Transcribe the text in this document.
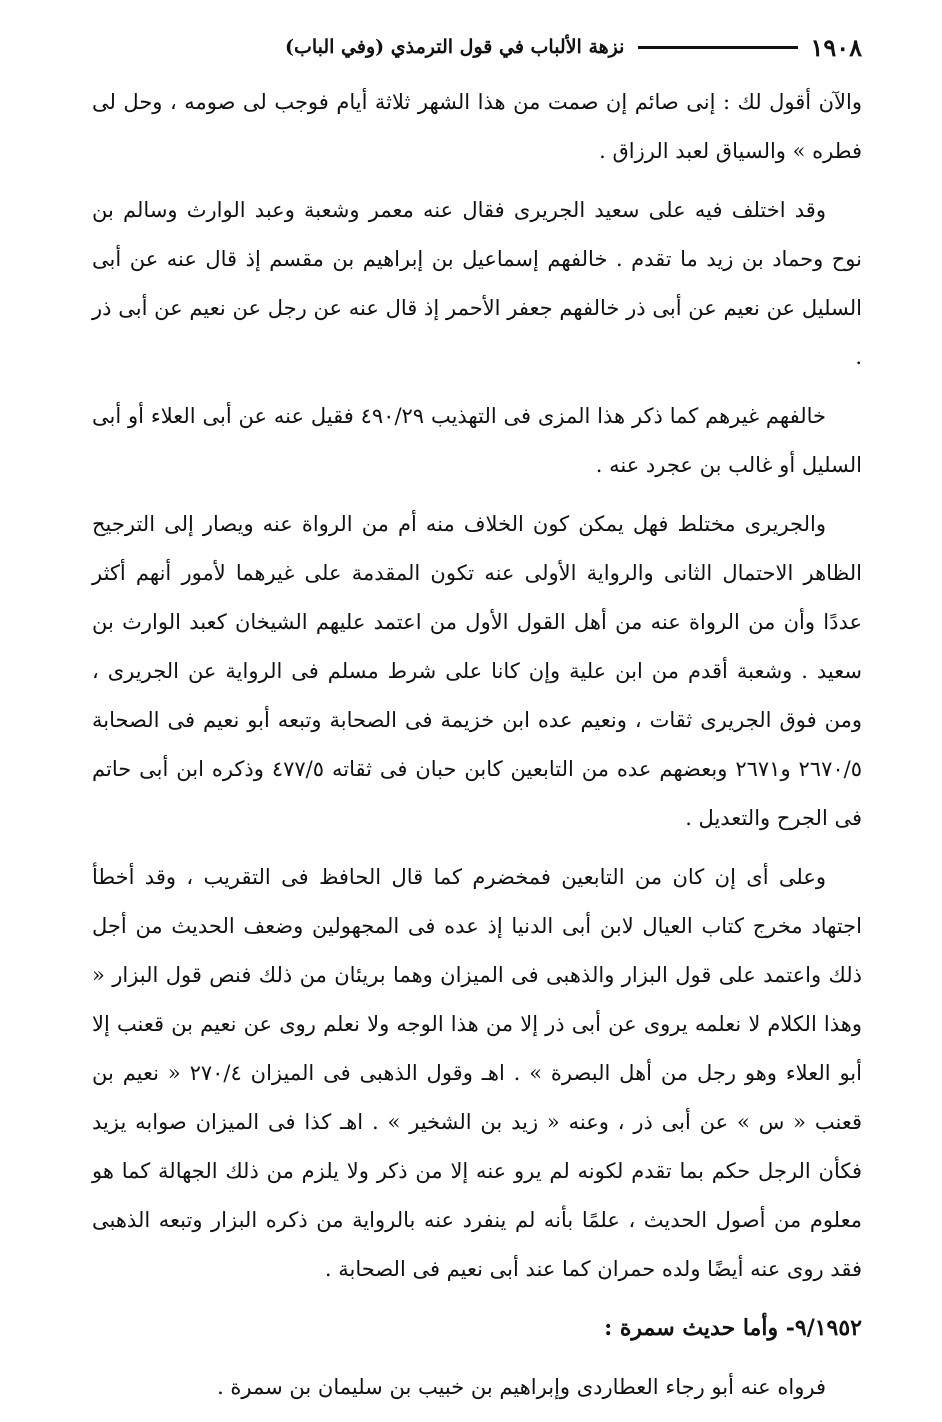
١٩٠٨
نزهة الألباب في قول الترمذي (وفي الباب)

والآن أقول لك : إنى صائم إن صمت من هذا الشهر ثلاثة أيام فوجب لى صومه ، وحل لى فطره » والسياق لعبد الرزاق .

وقد اختلف فيه على سعيد الجريرى فقال عنه معمر وشعبة وعبد الوارث وسالم بن نوح وحماد بن زيد ما تقدم . خالفهم إسماعيل بن إبراهيم بن مقسم إذ قال عنه عن أبى السليل عن نعيم عن أبى ذر خالفهم جعفر الأحمر إذ قال عنه عن رجل عن نعيم عن أبى ذر .

خالفهم غيرهم كما ذكر هذا المزى فى التهذيب ٤٩٠/٢٩ فقيل عنه عن أبى العلاء أو أبى السليل أو غالب بن عجرد عنه .

والجريرى مختلط فهل يمكن كون الخلاف منه أم من الرواة عنه ويصار إلى الترجيح الظاهر الاحتمال الثانى والرواية الأولى عنه تكون المقدمة على غيرهما لأمور أنهم أكثر عددًا وأن من الرواة عنه من أهل القول الأول من اعتمد عليهم الشيخان كعبد الوارث بن سعيد . وشعبة أقدم من ابن علية وإن كانا على شرط مسلم فى الرواية عن الجريرى ، ومن فوق الجريرى ثقات ، ونعيم عده ابن خزيمة فى الصحابة وتبعه أبو نعيم فى الصحابة ٢٦٧٠/٥ و٢٦٧١ وبعضهم عده من التابعين كابن حبان فى ثقاته ٤٧٧/٥ وذكره ابن أبى حاتم فى الجرح والتعديل .

وعلى أى إن كان من التابعين فمخضرم كما قال الحافظ فى التقريب ، وقد أخطأ اجتهاد مخرج كتاب العيال لابن أبى الدنيا إذ عده فى المجهولين وضعف الحديث من أجل ذلك واعتمد على قول البزار والذهبى فى الميزان وهما بريئان من ذلك فنص قول البزار « وهذا الكلام لا نعلمه يروى عن أبى ذر إلا من هذا الوجه ولا نعلم روى عن نعيم بن قعنب إلا أبو العلاء وهو رجل من أهل البصرة » . اهـ وقول الذهبى فى الميزان ٢٧٠/٤ « نعيم بن قعنب « س » عن أبى ذر ، وعنه « زيد بن الشخير » . اهـ كذا فى الميزان صوابه يزيد فكأن الرجل حكم بما تقدم لكونه لم يرو عنه إلا من ذكر ولا يلزم من ذلك الجهالة كما هو معلوم من أصول الحديث ، علمًا بأنه لم ينفرد عنه بالرواية من ذكره البزار وتبعه الذهبى فقد روى عنه أيضًا ولده حمران كما عند أبى نعيم فى الصحابة .

٩/١٩٥٢- وأما حديث سمرة :

فرواه عنه أبو رجاء العطاردى وإبراهيم بن خبيب بن سليمان بن سمرة .
